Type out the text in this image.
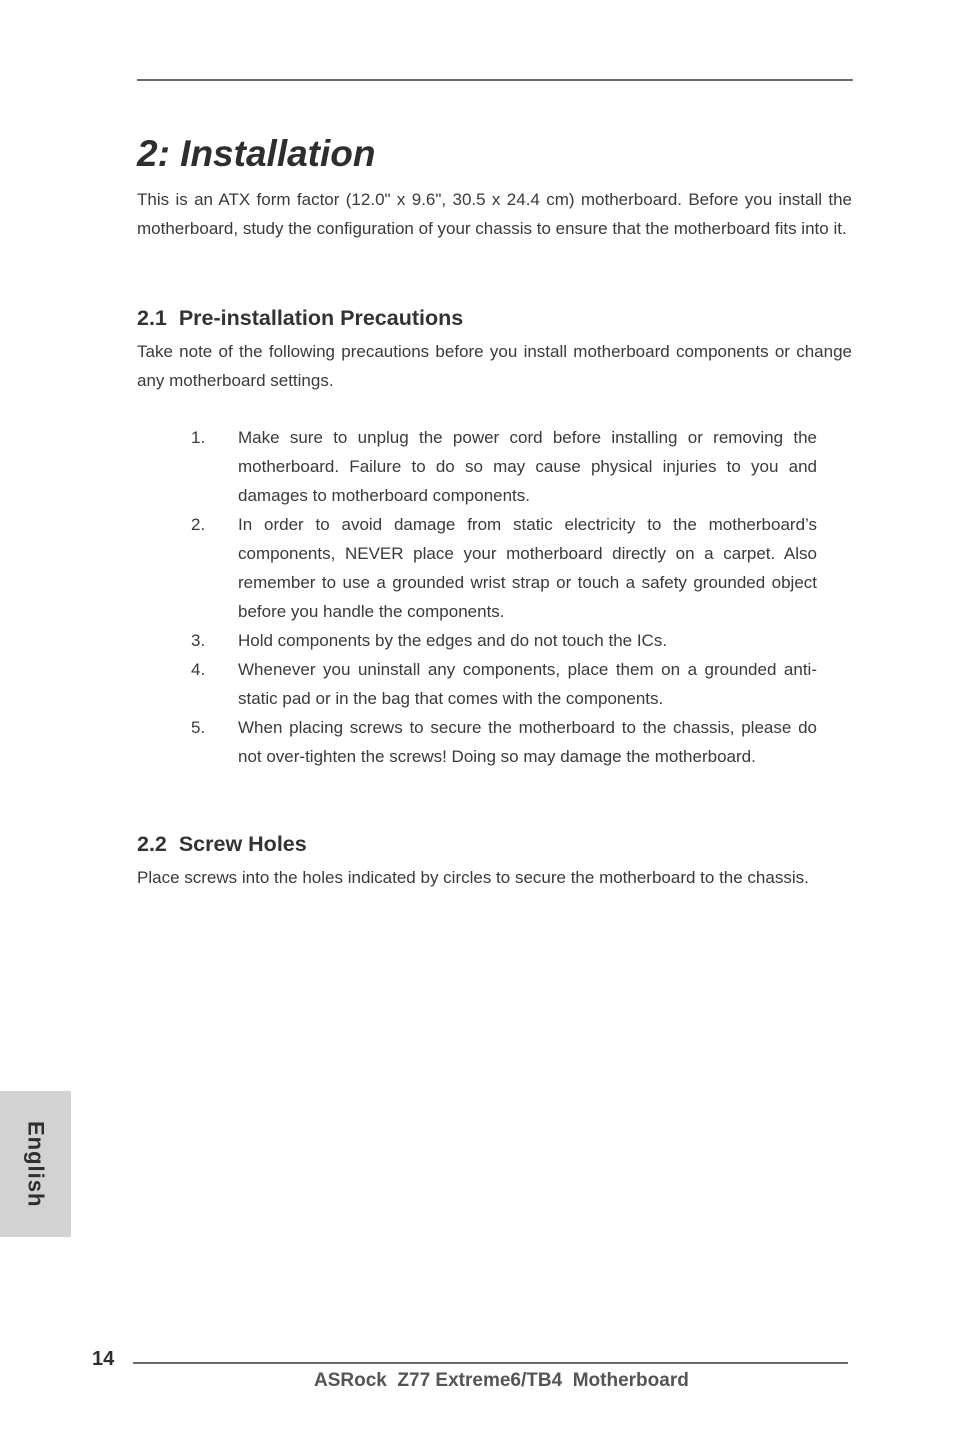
2: Installation

This is an ATX form factor (12.0" x 9.6", 30.5 x 24.4 cm) motherboard. Before you install the motherboard, study the configuration of your chassis to ensure that the motherboard fits into it.

2.1  Pre-installation Precautions

Take note of the following precautions before you install motherboard components or change any motherboard settings.

1.	Make sure to unplug the power cord before installing or removing the motherboard. Failure to do so may cause physical injuries to you and damages to motherboard components.
2.	In order to avoid damage from static electricity to the motherboard’s components, NEVER place your motherboard directly on a carpet. Also remember to use a grounded wrist strap or touch a safety grounded object before you handle the components.
3.	Hold components by the edges and do not touch the ICs.
4.	Whenever you uninstall any components, place them on a grounded anti-static pad or in the bag that comes with the components.
5.	When placing screws to secure the motherboard to the chassis, please do not over-tighten the screws! Doing so may damage the motherboard.
2.2  Screw Holes

Place screws into the holes indicated by circles to secure the motherboard to the chassis.

English
14
ASRock  Z77 Extreme6/TB4  Motherboard
